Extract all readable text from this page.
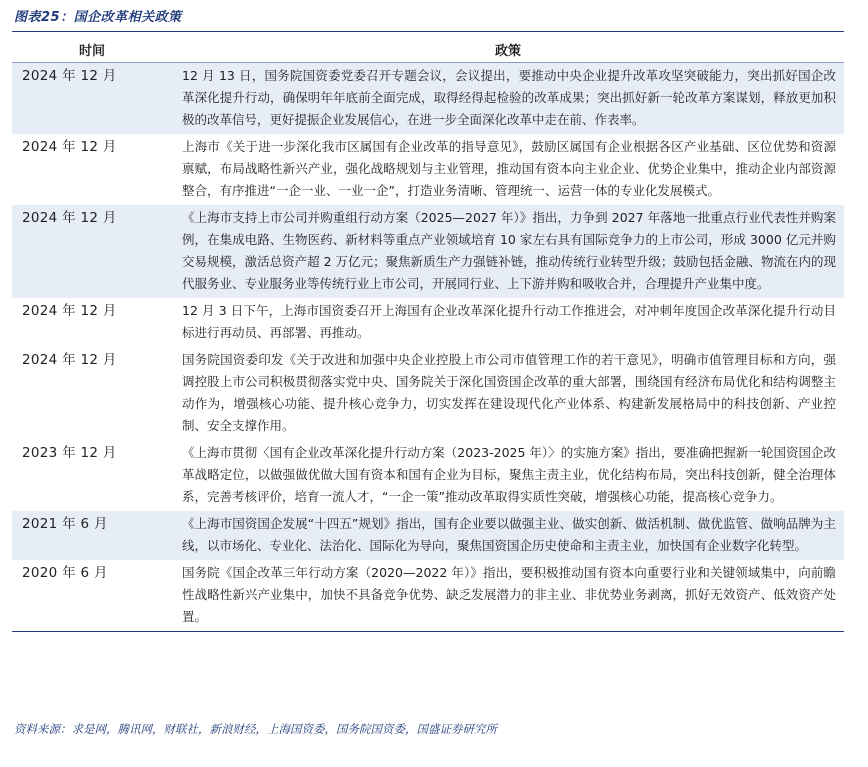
图表25：国企改革相关政策
时间	政策
2024 年 12 月	12 月 13 日，国务院国资委党委召开专题会议，会议提出，要推动中央企业提升改革攻坚突破能力，突出抓好国企改革深化提升行动，确保明年年底前全面完成，取得经得起检验的改革成果；突出抓好新一轮改革方案谋划，释放更加积极的改革信号，更好提振企业发展信心，在进一步全面深化改革中走在前、作表率。
2024 年 12 月	上海市《关于进一步深化我市区属国有企业改革的指导意见》，鼓励区属国有企业根据各区产业基础、区位优势和资源禀赋，布局战略性新兴产业，强化战略规划与主业管理，推动国有资本向主业企业、优势企业集中，推动企业内部资源整合，有序推进“一企一业、一业一企”，打造业务清晰、管理统一、运营一体的专业化发展模式。
2024 年 12 月	《上海市支持上市公司并购重组行动方案（2025—2027 年）》指出，力争到 2027 年落地一批重点行业代表性并购案例，在集成电路、生物医药、新材料等重点产业领域培育 10 家左右具有国际竞争力的上市公司，形成 3000 亿元并购交易规模，激活总资产超 2 万亿元；聚焦新质生产力强链补链，推动传统行业转型升级；鼓励包括金融、物流在内的现代服务业、专业服务业等传统行业上市公司，开展同行业、上下游并购和吸收合并，合理提升产业集中度。
2024 年 12 月	12 月 3 日下午，上海市国资委召开上海国有企业改革深化提升行动工作推进会，对冲刺年度国企改革深化提升行动目标进行再动员、再部署、再推动。
2024 年 12 月	国务院国资委印发《关于改进和加强中央企业控股上市公司市值管理工作的若干意见》，明确市值管理目标和方向，强调控股上市公司积极贯彻落实党中央、国务院关于深化国资国企改革的重大部署，围绕国有经济布局优化和结构调整主动作为，增强核心功能、提升核心竞争力，切实发挥在建设现代化产业体系、构建新发展格局中的科技创新、产业控制、安全支撑作用。
2023 年 12 月	《上海市贯彻〈国有企业改革深化提升行动方案（2023-2025 年）〉的实施方案》指出，要准确把握新一轮国资国企改革战略定位，以做强做优做大国有资本和国有企业为目标，聚焦主责主业，优化结构布局，突出科技创新，健全治理体系，完善考核评价，培育一流人才，“一企一策”推动改革取得实质性突破，增强核心功能，提高核心竞争力。
2021 年 6 月	《上海市国资国企发展“十四五”规划》指出，国有企业要以做强主业、做实创新、做活机制、做优监管、做响品牌为主线，以市场化、专业化、法治化、国际化为导向，聚焦国资国企历史使命和主责主业，加快国有企业数字化转型。
2020 年 6 月	国务院《国企改革三年行动方案（2020—2022 年）》指出，要积极推动国有资本向重要行业和关键领域集中，向前瞻性战略性新兴产业集中，加快不具备竞争优势、缺乏发展潜力的非主业、非优势业务剥离，抓好无效资产、低效资产处置。
资料来源：求是网，腾讯网，财联社，新浪财经，上海国资委，国务院国资委，国盛证券研究所
